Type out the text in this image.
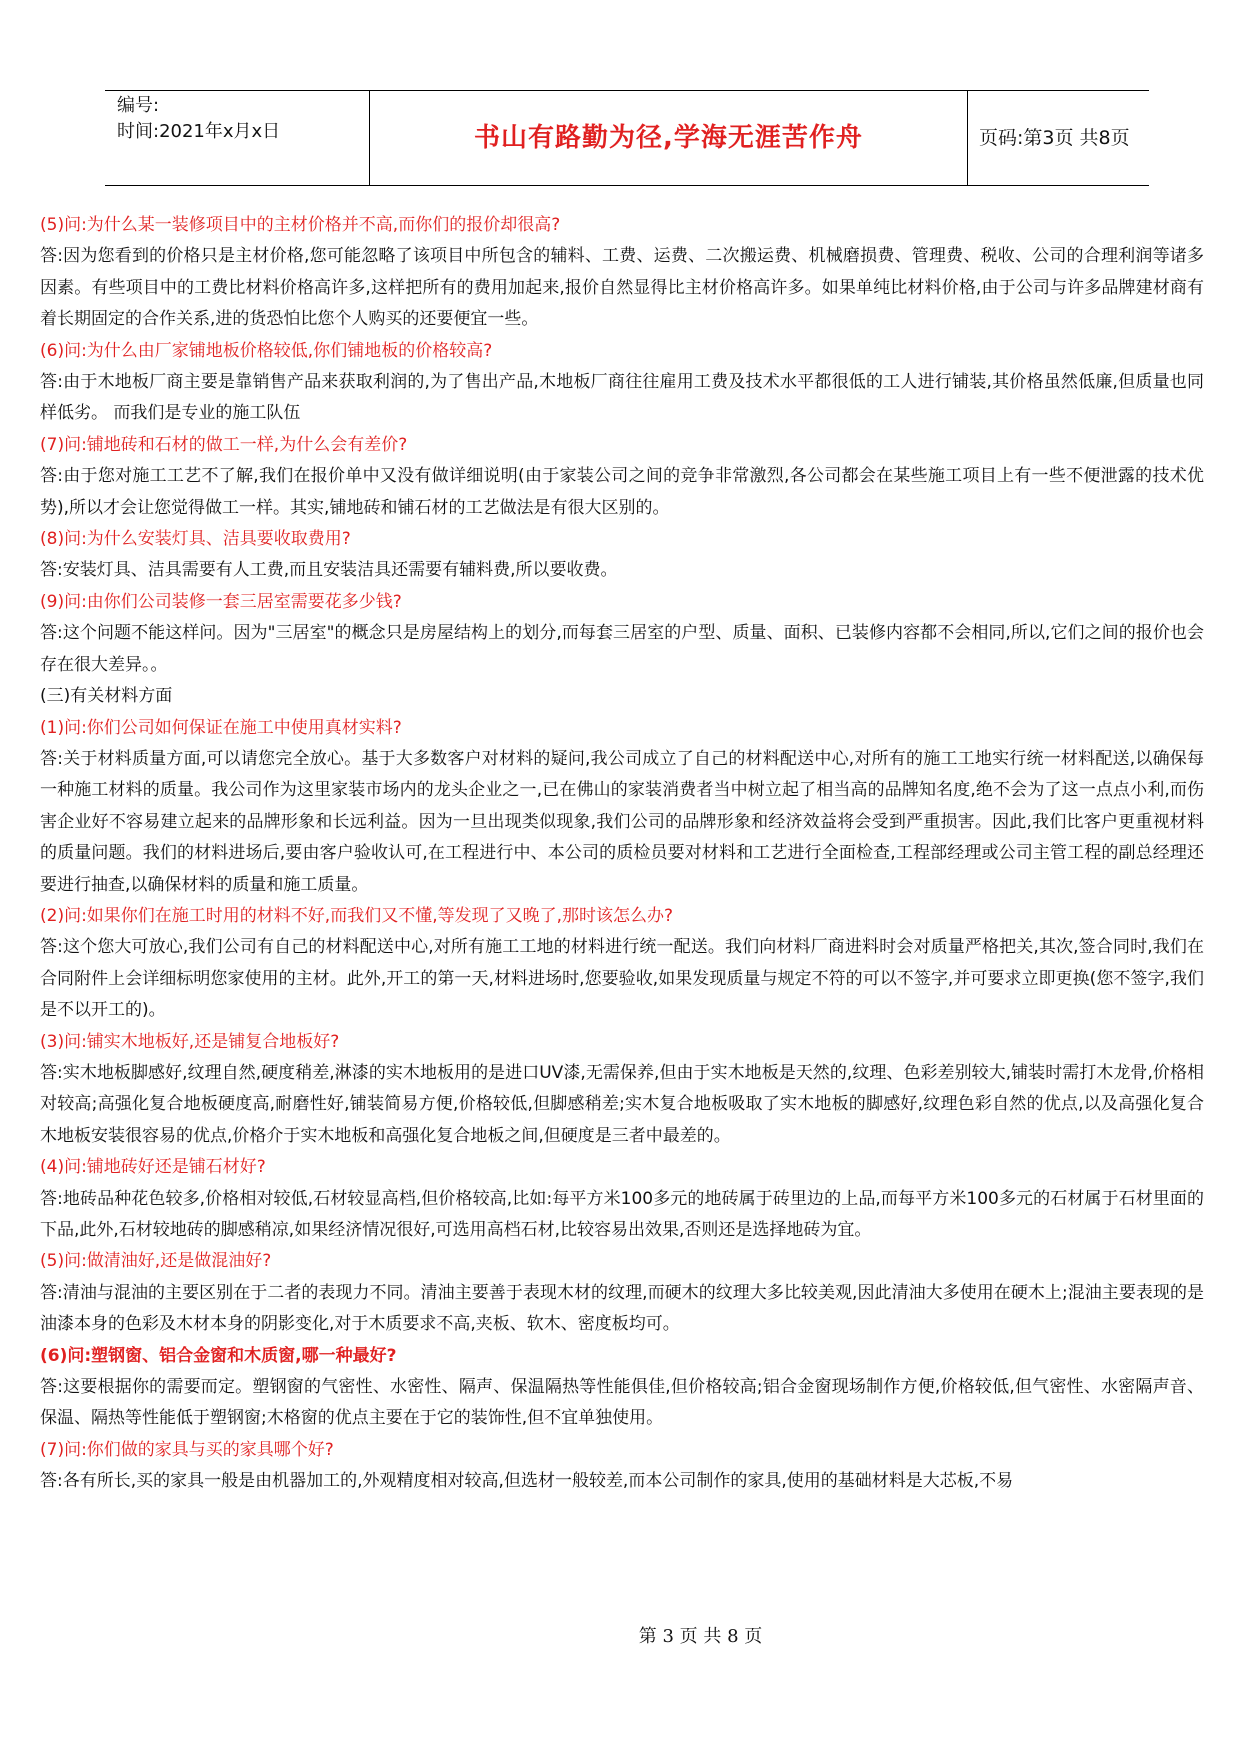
编号:
时间:2021年x月x日	书山有路勤为径,学海无涯苦作舟	页码:第3页 共8页

(5)问:为什么某一装修项目中的主材价格并不高,而你们的报价却很高?

答:因为您看到的价格只是主材价格,您可能忽略了该项目中所包含的辅料、工费、运费、二次搬运费、机械磨损费、管理费、税收、公司的合理利润等诸多因素。有些项目中的工费比材料价格高许多,这样把所有的费用加起来,报价自然显得比主材价格高许多。如果单纯比材料价格,由于公司与许多品牌建材商有着长期固定的合作关系,进的货恐怕比您个人购买的还要便宜一些。

(6)问:为什么由厂家铺地板价格较低,你们铺地板的价格较高?

答:由于木地板厂商主要是靠销售产品来获取利润的,为了售出产品,木地板厂商往往雇用工费及技术水平都很低的工人进行铺装,其价格虽然低廉,但质量也同样低劣。 而我们是专业的施工队伍

(7)问:铺地砖和石材的做工一样,为什么会有差价?

答:由于您对施工工艺不了解,我们在报价单中又没有做详细说明(由于家装公司之间的竞争非常激烈,各公司都会在某些施工项目上有一些不便泄露的技术优势),所以才会让您觉得做工一样。其实,铺地砖和铺石材的工艺做法是有很大区别的。

(8)问:为什么安装灯具、洁具要收取费用?

答:安装灯具、洁具需要有人工费,而且安装洁具还需要有辅料费,所以要收费。

(9)问:由你们公司装修一套三居室需要花多少钱?

答:这个问题不能这样问。因为"三居室"的概念只是房屋结构上的划分,而每套三居室的户型、质量、面积、已装修内容都不会相同,所以,它们之间的报价也会存在很大差异。。

(三)有关材料方面

(1)问:你们公司如何保证在施工中使用真材实料?

答:关于材料质量方面,可以请您完全放心。基于大多数客户对材料的疑问,我公司成立了自己的材料配送中心,对所有的施工工地实行统一材料配送,以确保每一种施工材料的质量。我公司作为这里家装市场内的龙头企业之一,已在佛山的家装消费者当中树立起了相当高的品牌知名度,绝不会为了这一点点小利,而伤害企业好不容易建立起来的品牌形象和长远利益。因为一旦出现类似现象,我们公司的品牌形象和经济效益将会受到严重损害。因此,我们比客户更重视材料的质量问题。我们的材料进场后,要由客户验收认可,在工程进行中、本公司的质检员要对材料和工艺进行全面检查,工程部经理或公司主管工程的副总经理还要进行抽查,以确保材料的质量和施工质量。

(2)问:如果你们在施工时用的材料不好,而我们又不懂,等发现了又晚了,那时该怎么办?

答:这个您大可放心,我们公司有自己的材料配送中心,对所有施工工地的材料进行统一配送。我们向材料厂商进料时会对质量严格把关,其次,签合同时,我们在合同附件上会详细标明您家使用的主材。此外,开工的第一天,材料进场时,您要验收,如果发现质量与规定不符的可以不签字,并可要求立即更换(您不签字,我们是不以开工的)。

(3)问:铺实木地板好,还是铺复合地板好?

答:实木地板脚感好,纹理自然,硬度稍差,淋漆的实木地板用的是进口UV漆,无需保养,但由于实木地板是天然的,纹理、色彩差别较大,铺装时需打木龙骨,价格相对较高;高强化复合地板硬度高,耐磨性好,铺装简易方便,价格较低,但脚感稍差;实木复合地板吸取了实木地板的脚感好,纹理色彩自然的优点,以及高强化复合木地板安装很容易的优点,价格介于实木地板和高强化复合地板之间,但硬度是三者中最差的。

(4)问:铺地砖好还是铺石材好?

答:地砖品种花色较多,价格相对较低,石材较显高档,但价格较高,比如:每平方米100多元的地砖属于砖里边的上品,而每平方米100多元的石材属于石材里面的下品,此外,石材较地砖的脚感稍凉,如果经济情况很好,可选用高档石材,比较容易出效果,否则还是选择地砖为宜。

(5)问:做清油好,还是做混油好?

答:清油与混油的主要区别在于二者的表现力不同。清油主要善于表现木材的纹理,而硬木的纹理大多比较美观,因此清油大多使用在硬木上;混油主要表现的是油漆本身的色彩及木材本身的阴影变化,对于木质要求不高,夹板、软木、密度板均可。

(6)问:塑钢窗、铝合金窗和木质窗,哪一种最好?

答:这要根据你的需要而定。塑钢窗的气密性、水密性、隔声、保温隔热等性能俱佳,但价格较高;铝合金窗现场制作方便,价格较低,但气密性、水密隔声音、保温、隔热等性能低于塑钢窗;木格窗的优点主要在于它的装饰性,但不宜单独使用。

(7)问:你们做的家具与买的家具哪个好?

答:各有所长,买的家具一般是由机器加工的,外观精度相对较高,但选材一般较差,而本公司制作的家具,使用的基础材料是大芯板,不易

第 3 页 共 8 页
